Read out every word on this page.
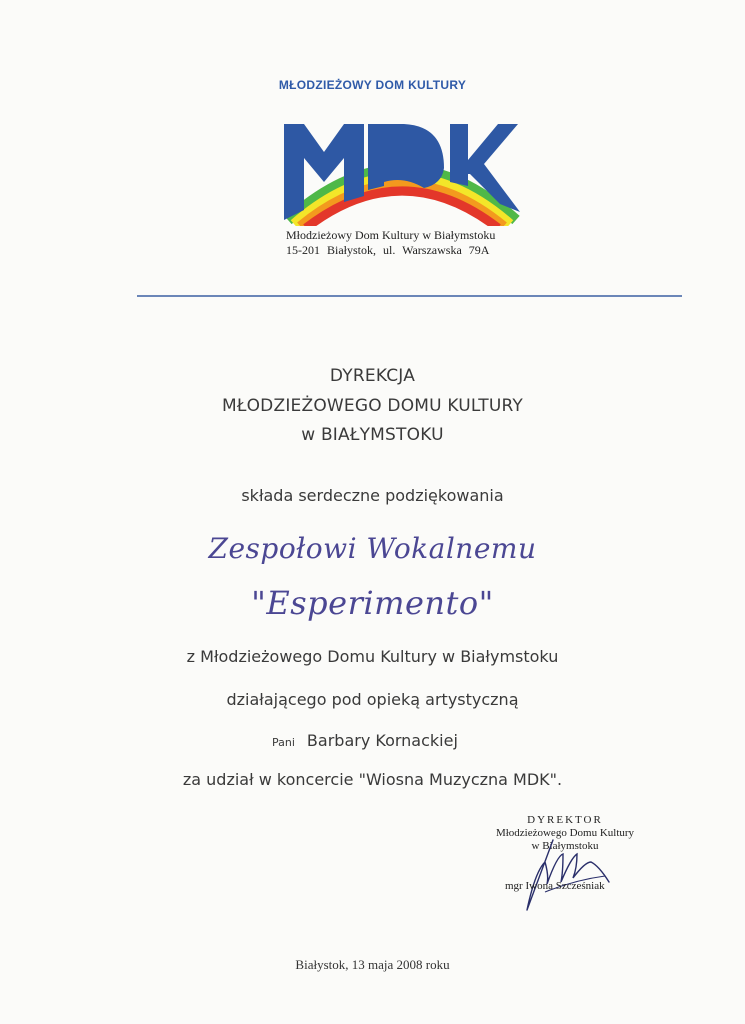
MŁODZIEŻOWY DOM KULTURY
Młodzieżowy Dom Kultury w Białymstoku
15-201 Białystok, ul. Warszawska 79A
DYREKCJA
MŁODZIEŻOWEGO DOMU KULTURY
w BIAŁYMSTOKU
składa serdeczne podziękowania
Zespołowi Wokalnemu
"Esperimento"
z Młodzieżowego Domu Kultury w Białymstoku
działającego pod opieką artystyczną
Pani Barbary Kornackiej
za udział w koncercie "Wiosna Muzyczna MDK".
DYREKTOR
Młodzieżowego Domu Kultury
w Białymstoku
mgr Iwona Szcześniak
Białystok, 13 maja 2008 roku
